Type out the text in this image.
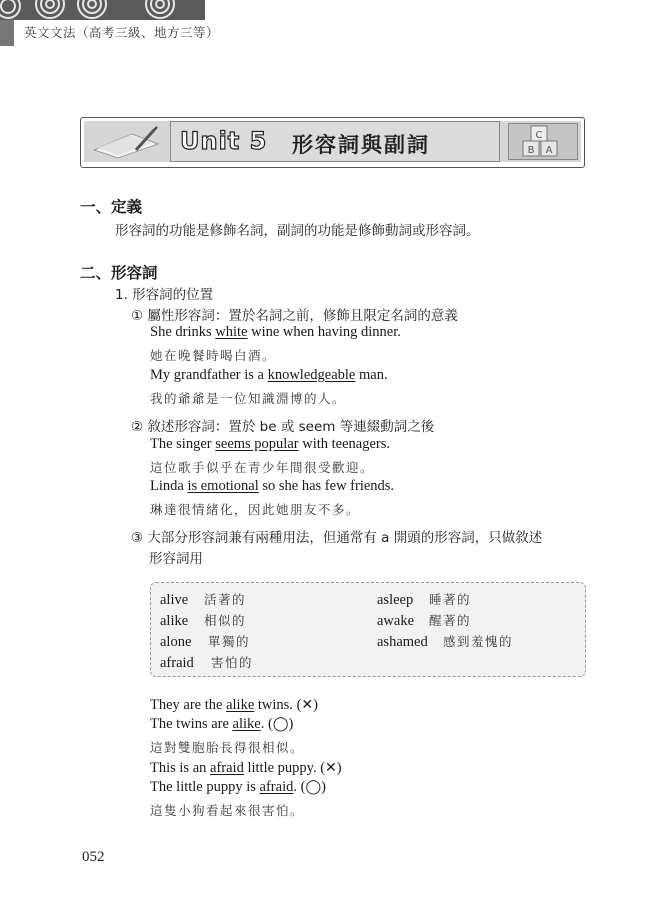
英文文法（高考三級、地方三等）
Unit 5 形容詞與副詞	C
B A
一、定義
形容詞的功能是修飾名詞，副詞的功能是修飾動詞或形容詞。
二、形容詞
1. 形容詞的位置
① 屬性形容詞：置於名詞之前，修飾且限定名詞的意義
She drinks white wine when having dinner.
她在晚餐時喝白酒。
My grandfather is a knowledgeable man.
我的爺爺是一位知識淵博的人。
② 敘述形容詞：置於 be 或 seem 等連綴動詞之後
The singer seems popular with teenagers.
這位歌手似乎在青少年間很受歡迎。
Linda is emotional so she has few friends.
琳達很情緒化，因此她朋友不多。
③ 大部分形容詞兼有兩種用法，但通常有 a 開頭的形容詞，只做敘述
形容詞用
alive 活著的
alike 相似的
alone 單獨的
afraid 害怕的
asleep 睡著的
awake 醒著的
ashamed 感到羞愧的
They are the alike twins. (✕)
The twins are alike. (◯)
這對雙胞胎長得很相似。
This is an afraid little puppy. (✕)
The little puppy is afraid. (◯)
這隻小狗看起來很害怕。
052
